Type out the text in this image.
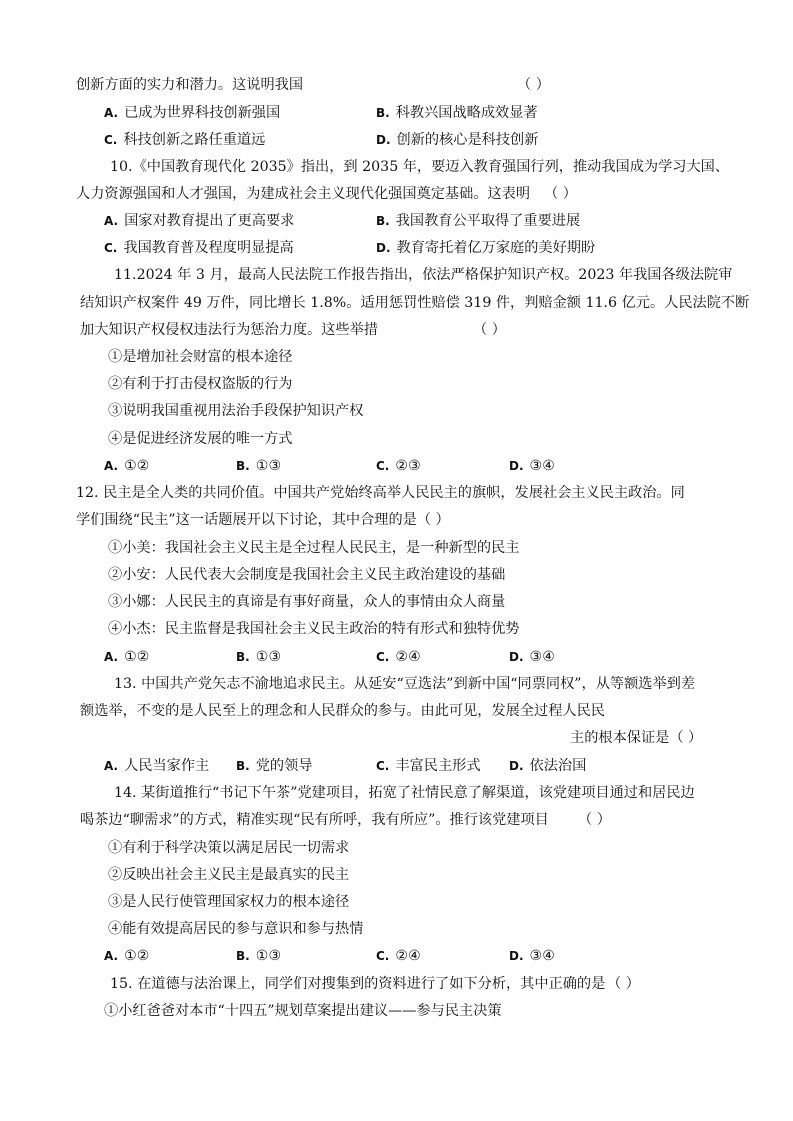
创新方面的实力和潜力。这说明我国	（ ）
A. 已成为世界科技创新强国	B. 科教兴国战略成效显著
C. 科技创新之路任重道远	D. 创新的核心是科技创新
10.《中国教育现代化 2035》指出，到 2035 年，要迈入教育强国行列，推动我国成为学习大国、
人力资源强国和人才强国，为建成社会主义现代化强国奠定基础。这表明 （ ）
A. 国家对教育提出了更高要求	B. 我国教育公平取得了重要进展
C. 我国教育普及程度明显提高	D. 教育寄托着亿万家庭的美好期盼
11.2024 年 3 月，最高人民法院工作报告指出，依法严格保护知识产权。2023 年我国各级法院审
结知识产权案件 49 万件，同比增长 1.8%。适用惩罚性赔偿 319 件，判赔金额 11.6 亿元。人民法院不断
加大知识产权侵权违法行为惩治力度。这些举措	（ ）
①是增加社会财富的根本途径
②有利于打击侵权盗版的行为
③说明我国重视用法治手段保护知识产权
④是促进经济发展的唯一方式
A. ①②	B. ①③	C. ②③	D. ③④
12. 民主是全人类的共同价值。中国共产党始终高举人民民主的旗帜，发展社会主义民主政治。同
学们围绕“民主”这一话题展开以下讨论，其中合理的是（ ）
①小美：我国社会主义民主是全过程人民民主，是一种新型的民主
②小安：人民代表大会制度是我国社会主义民主政治建设的基础
③小娜：人民民主的真谛是有事好商量，众人的事情由众人商量
④小杰：民主监督是我国社会主义民主政治的特有形式和独特优势
A. ①②	B. ①③	C. ②④	D. ③④
13. 中国共产党矢志不渝地追求民主。从延安“豆选法”到新中国“同票同权”，从等额选举到差
额选举，不变的是人民至上的理念和人民群众的参与。由此可见，发展全过程人民民
主的根本保证是（ ）
A. 人民当家作主 B. 党的领导	C. 丰富民主形式 D. 依法治国
14. 某街道推行“书记下午茶”党建项目，拓宽了社情民意了解渠道，该党建项目通过和居民边
喝茶边“聊需求”的方式，精准实现“民有所呼，我有所应”。推行该党建项目 （ ）
①有利于科学决策以满足居民一切需求
②反映出社会主义民主是最真实的民主
③是人民行使管理国家权力的根本途径
④能有效提高居民的参与意识和参与热情
A. ①②	B. ①③	C. ②④	D. ③④
15. 在道德与法治课上，同学们对搜集到的资料进行了如下分析，其中正确的是 （ ）
①小红爸爸对本市“十四五”规划草案提出建议——参与民主决策
